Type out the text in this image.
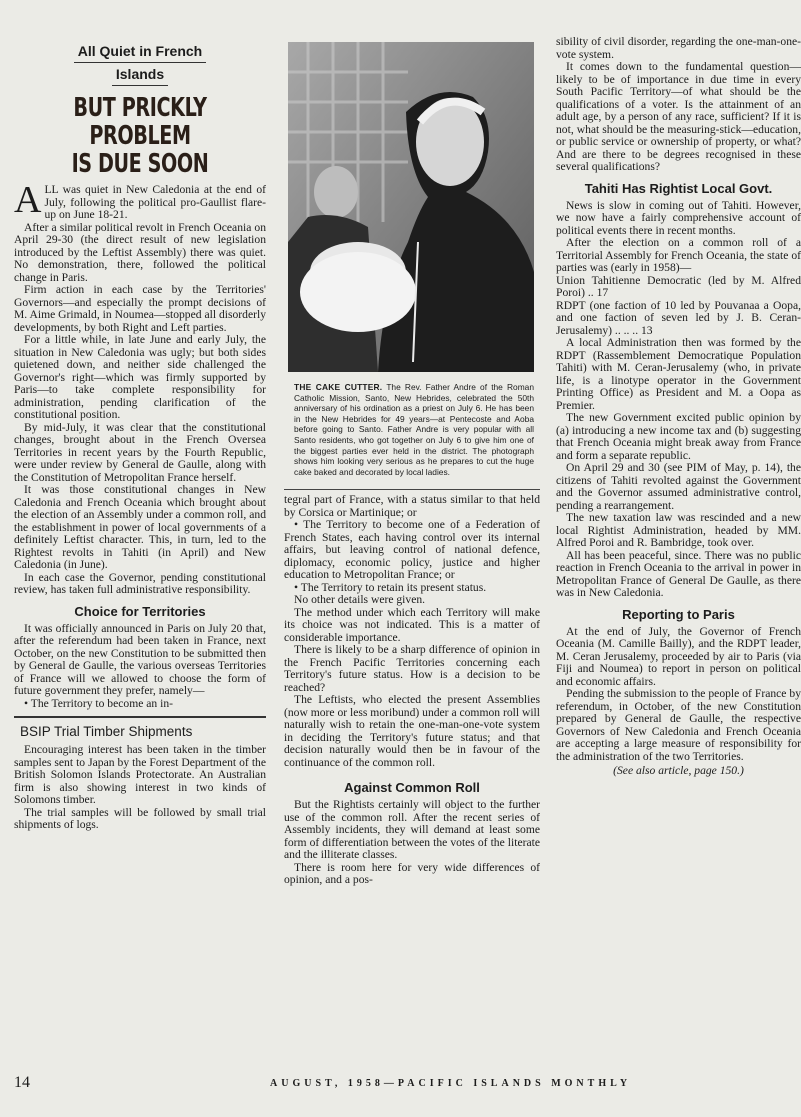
All Quiet in French
Islands
BUT PRICKLY PROBLEM
IS DUE SOON

ALL was quiet in New Caledonia at the end of July, following the political pro-Gaullist flare-up on June 18-21.

After a similar political revolt in French Oceania on April 29-30 (the direct result of new legislation introduced by the Leftist Assembly) there was quiet. No demonstration, there, followed the political change in Paris.

Firm action in each case by the Territories' Governors—and especially the prompt decisions of M. Aime Grimald, in Noumea—stopped all disorderly developments, by both Right and Left parties.

For a little while, in late June and early July, the situation in New Caledonia was ugly; but both sides quietened down, and neither side challenged the Governor's right—which was firmly supported by Paris—to take complete responsibility for administration, pending clarification of the constitutional position.

By mid-July, it was clear that the constitutional changes, brought about in the French Oversea Territories in recent years by the Fourth Republic, were under review by General de Gaulle, along with the Constitution of Metropolitan France herself.

It was those constitutional changes in New Caledonia and French Oceania which brought about the election of an Assembly under a common roll, and the establishment in power of local governments of a definitely Leftist character. This, in turn, led to the Rightest revolts in Tahiti (in April) and New Caledonia (in June).

In each case the Governor, pending constitutional review, has taken full administrative responsibility.

Choice for Territories

It was officially announced in Paris on July 20 that, after the referendum had been taken in France, next October, on the new Constitution to be submitted then by General de Gaulle, the various overseas Territories of France will we allowed to choose the form of future government they prefer, namely—

• The Territory to become an in-

BSIP Trial Timber Shipments

Encouraging interest has been taken in the timber samples sent to Japan by the Forest Department of the British Solomon Islands Protectorate. An Australian firm is also showing interest in two kinds of Solomons timber.

The trial samples will be followed by small trial shipments of logs.

THE CAKE CUTTER. The Rev. Father Andre of the Roman Catholic Mission, Santo, New Hebrides, celebrated the 50th anniversary of his ordination as a priest on July 6. He has been in the New Hebrides for 49 years—at Pentecoste and Aoba before going to Santo. Father Andre is very popular with all Santo residents, who got together on July 6 to give him one of the biggest parties ever held in the district. The photograph shows him looking very serious as he prepares to cut the huge cake baked and decorated by local ladies.

tegral part of France, with a status similar to that held by Corsica or Martinique; or

• The Territory to become one of a Federation of French States, each having control over its internal affairs, but leaving control of national defence, diplomacy, economic policy, justice and higher education to Metropolitan France; or

• The Territory to retain its present status.

No other details were given.

The method under which each Territory will make its choice was not indicated. This is a matter of considerable importance.

There is likely to be a sharp difference of opinion in the French Pacific Territories concerning each Territory's future status. How is a decision to be reached?

The Leftists, who elected the present Assemblies (now more or less moribund) under a common roll will naturally wish to retain the one-man-one-vote system in deciding the Territory's future status; and that decision naturally would then be in favour of the continuance of the common roll.

Against Common Roll

But the Rightists certainly will object to the further use of the common roll. After the recent series of Assembly incidents, they will demand at least some form of differentiation between the votes of the literate and the illiterate classes.

There is room here for very wide differences of opinion, and a pos-

sibility of civil disorder, regarding the one-man-one-vote system.

It comes down to the fundamental question—likely to be of importance in due time in every South Pacific Territory—of what should be the qualifications of a voter. Is the attainment of an adult age, by a person of any race, sufficient? If it is not, what should be the measuring-stick—education, or public service or ownership of property, or what? And are there to be degrees recognised in these several qualifications?

Tahiti Has Rightist Local Govt.

News is slow in coming out of Tahiti. However, we now have a fairly comprehensive account of political events there in recent months.

After the election on a common roll of a Territorial Assembly for French Oceania, the state of parties was (early in 1958)—

Union Tahitienne Democratic (led by M. Alfred Poroi) .. 17

RDPT (one faction of 10 led by Pouvanaa a Oopa, and one faction of seven led by J. B. Ceran-Jerusalemy) .. .. .. 13

A local Administration then was formed by the RDPT (Rassemblement Democratique Population Tahiti) with M. Ceran-Jerusalemy (who, in private life, is a linotype operator in the Government Printing Office) as President and M. a Oopa as Premier.

The new Government excited public opinion by (a) introducing a new income tax and (b) suggesting that French Oceania might break away from France and form a separate republic.

On April 29 and 30 (see PIM of May, p. 14), the citizens of Tahiti revolted against the Government and the Governor assumed administrative control, pending a rearrangement.

The new taxation law was rescinded and a new local Rightist Administration, headed by MM. Alfred Poroi and R. Bambridge, took over.

All has been peaceful, since. There was no public reaction in French Oceania to the arrival in power in Metropolitan France of General De Gaulle, as there was in New Caledonia.

Reporting to Paris

At the end of July, the Governor of French Oceania (M. Camille Bailly), and the RDPT leader, M. Ceran Jerusalemy, proceeded by air to Paris (via Fiji and Noumea) to report in person on political and economic affairs.

Pending the submission to the people of France by referendum, in October, of the new Constitution prepared by General de Gaulle, the respective Governors of New Caledonia and French Oceania are accepting a large measure of responsibility for the administration of the two Territories.

(See also article, page 150.)

14	AUGUST, 1958—PACIFIC ISLANDS MONTHLY
